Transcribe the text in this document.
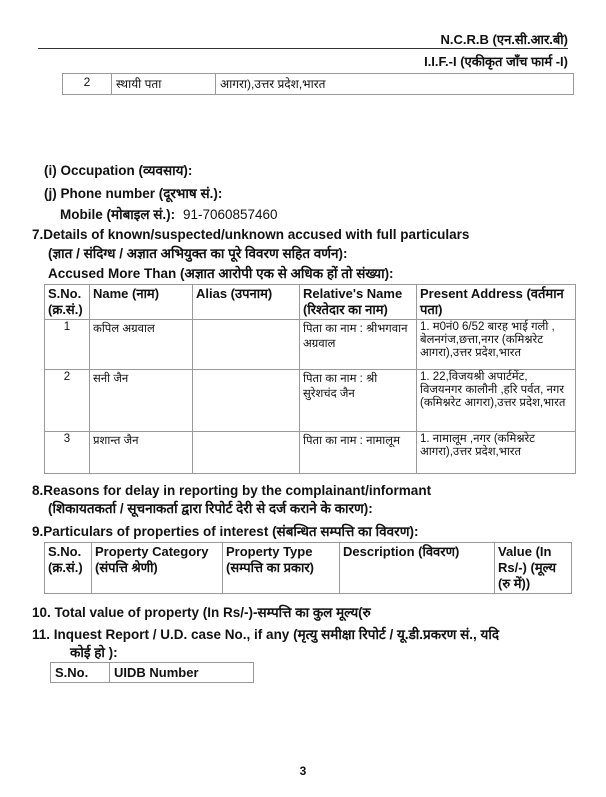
N.C.R.B (एन.सी.आर.बी)
I.I.F.-I (एकीकृत जाँच फार्म -I)
2	स्थायी पता	आगरा),उत्तर प्रदेश,भारत
(i) Occupation (व्यवसाय):
(j) Phone number (दूरभाष सं.):
Mobile (मोबाइल सं.): 91-7060857460
7.Details of known/suspected/unknown accused with full particulars
(ज्ञात / संदिग्ध / अज्ञात अभियुक्त का पूरे विवरण सहित वर्णन):
Accused More Than (अज्ञात आरोपी एक से अधिक हों तो संख्या):
S.No. (क्र.सं.)	Name (नाम)	Alias (उपनाम)	Relative's Name (रिश्तेदार का नाम)	Present Address (वर्तमान पता)
1	कपिल अग्रवाल		पिता का नाम : श्रीभगवान अग्रवाल	1. म0नं0 6/52 बारह भाई गली , बेलनगंज,छत्ता,नगर (कमिश्नरेट आगरा),उत्तर प्रदेश,भारत
2	सनी जैन		पिता का नाम : श्री सुरेशचंद जैन	1. 22,विजयश्री अपार्टमेंट, विजयनगर कालौनी ,हरि पर्वत, नगर (कमिश्नरेट आगरा),उत्तर प्रदेश,भारत
3	प्रशान्त जैन		पिता का नाम : नामालूम	1. नामालूम ,नगर (कमिश्नरेट आगरा),उत्तर प्रदेश,भारत
8.Reasons for delay in reporting by the complainant/informant
(शिकायतकर्ता / सूचनाकर्ता द्वारा रिपोर्ट देरी से दर्ज कराने के कारण):
9.Particulars of properties of interest (संबन्धित सम्पत्ति का विवरण):
S.No. (क्र.सं.)	Property Category (संपत्ति श्रेणी)	Property Type (सम्पत्ति का प्रकार)	Description (विवरण)	Value (In Rs/-) (मूल्य (रु में))
10. Total value of property (In Rs/-)-सम्पत्ति का कुल मूल्य(रु
11. Inquest Report / U.D. case No., if any (मृत्यु समीक्षा रिपोर्ट / यू.डी.प्रकरण सं., यदि
कोई हो ):
S.No.	UIDB Number
3
